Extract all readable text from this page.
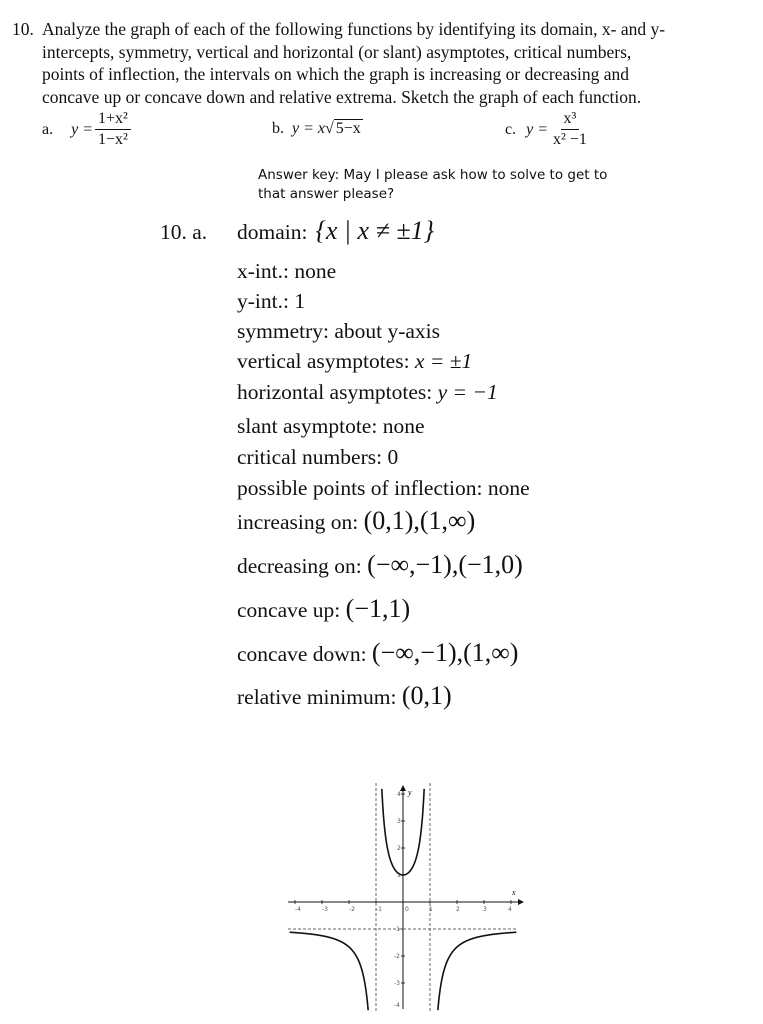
10. Analyze the graph of each of the following functions by identifying its domain, x- and y-
intercepts, symmetry, vertical and horizontal (or slant) asymptotes, critical numbers,
points of inflection, the intervals on which the graph is increasing or decreasing and
concave up or concave down and relative extrema. Sketch the graph of each function.
a. $y = \frac{\text{1+x²}}{\text{1−x²}}$	b. y = x √ 5−x	c. $y = \frac{\text{x³}}{\text{x² −1}}$
Answer key: May I please ask how to solve to get to that answer please?
10. a.	domain: {x | x ≠ ±1}
x-int.: none
y-int.: 1
symmetry: about y-axis
vertical asymptotes: x = ±1
horizontal asymptotes: y = −1
slant asymptote: none
critical numbers: 0
possible points of inflection: none
increasing on: (0,1),(1,∞)
decreasing on: (−∞,−1),(−1,0)
concave up: (−1,1)
concave down: (−∞,−1),(1,∞)
relative minimum: (0,1)
x
y
-4	-3	-2	-1	0	1	2	3	4
4
3
2
1
-1
-2
-3
-4
